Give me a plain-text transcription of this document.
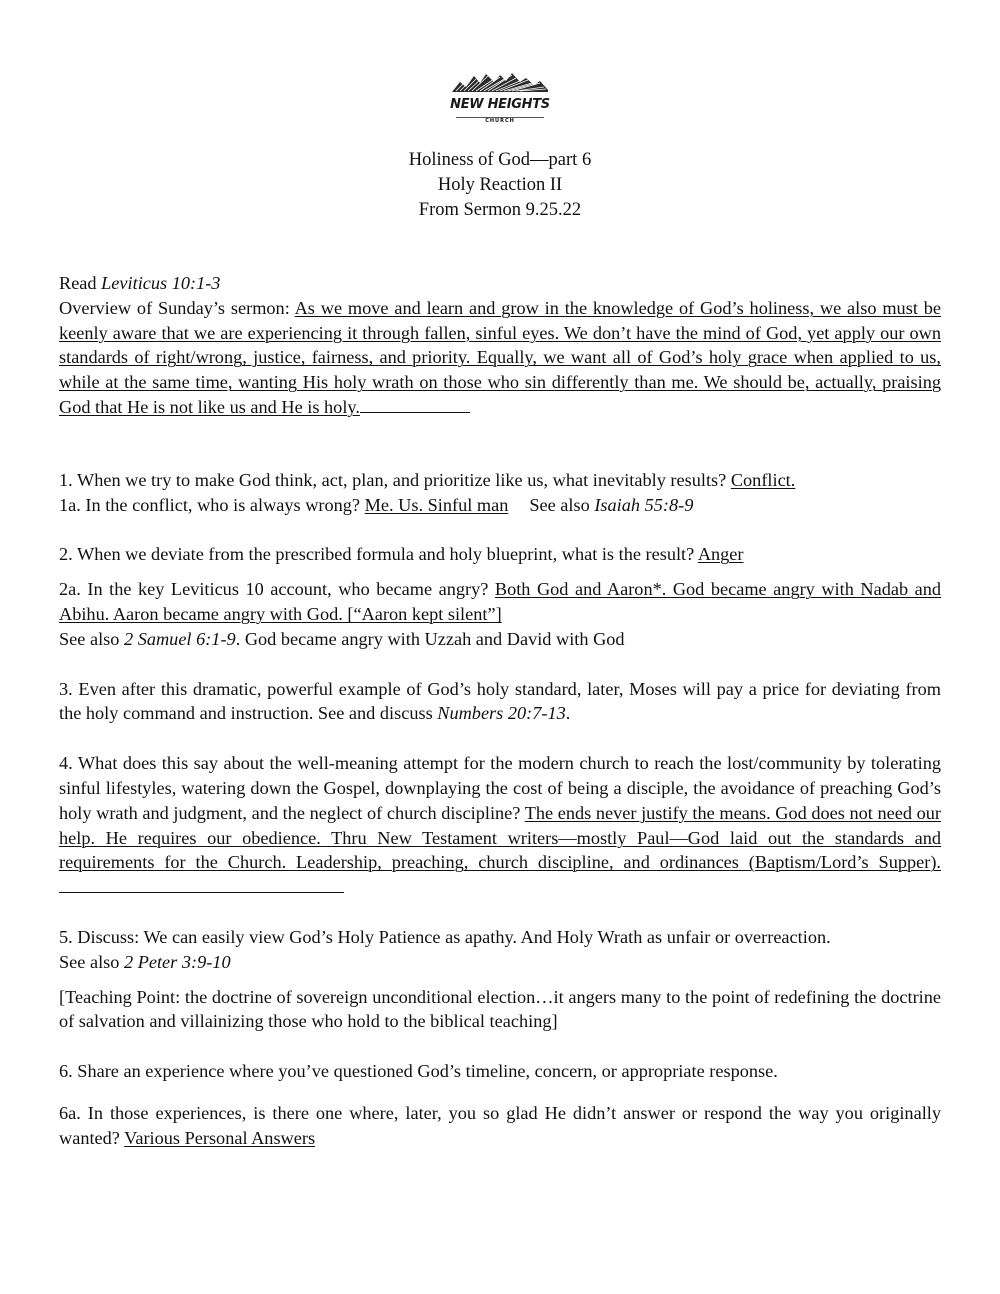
NEW HEIGHTS
CHURCH
Holiness of God—part 6
Holy Reaction II
From Sermon 9.25.22

Read Leviticus 10:1-3

Overview of Sunday’s sermon: As we move and learn and grow in the knowledge of God’s holiness, we also must be keenly aware that we are experiencing it through fallen, sinful eyes. We don’t have the mind of God, yet apply our own standards of right/wrong, justice, fairness, and priority. Equally, we want all of God’s holy grace when applied to us, while at the same time, wanting His holy wrath on those who sin differently than me. We should be, actually, praising God that He is not like us and He is holy.

1. When we try to make God think, act, plan, and prioritize like us, what inevitably results? Conflict.

1a. In the conflict, who is always wrong? Me. Us. Sinful man See also Isaiah 55:8-9

2. When we deviate from the prescribed formula and holy blueprint, what is the result? Anger

2a. In the key Leviticus 10 account, who became angry? Both God and Aaron*. God became angry with Nadab and Abihu. Aaron became angry with God. [“Aaron kept silent”]

See also 2 Samuel 6:1-9. God became angry with Uzzah and David with God

3. Even after this dramatic, powerful example of God’s holy standard, later, Moses will pay a price for deviating from the holy command and instruction. See and discuss Numbers 20:7-13.

4. What does this say about the well-meaning attempt for the modern church to reach the lost/community by tolerating sinful lifestyles, watering down the Gospel, downplaying the cost of being a disciple, the avoidance of preaching God’s holy wrath and judgment, and the neglect of church discipline? The ends never justify the means. God does not need our help. He requires our obedience. Thru New Testament writers—mostly Paul—God laid out the standards and requirements for the Church. Leadership, preaching, church discipline, and ordinances (Baptism/Lord’s Supper).

5. Discuss: We can easily view God’s Holy Patience as apathy. And Holy Wrath as unfair or overreaction.

See also 2 Peter 3:9-10

[Teaching Point: the doctrine of sovereign unconditional election…it angers many to the point of redefining the doctrine of salvation and villainizing those who hold to the biblical teaching]

6. Share an experience where you’ve questioned God’s timeline, concern, or appropriate response.

6a. In those experiences, is there one where, later, you so glad He didn’t answer or respond the way you originally wanted? Various Personal Answers
